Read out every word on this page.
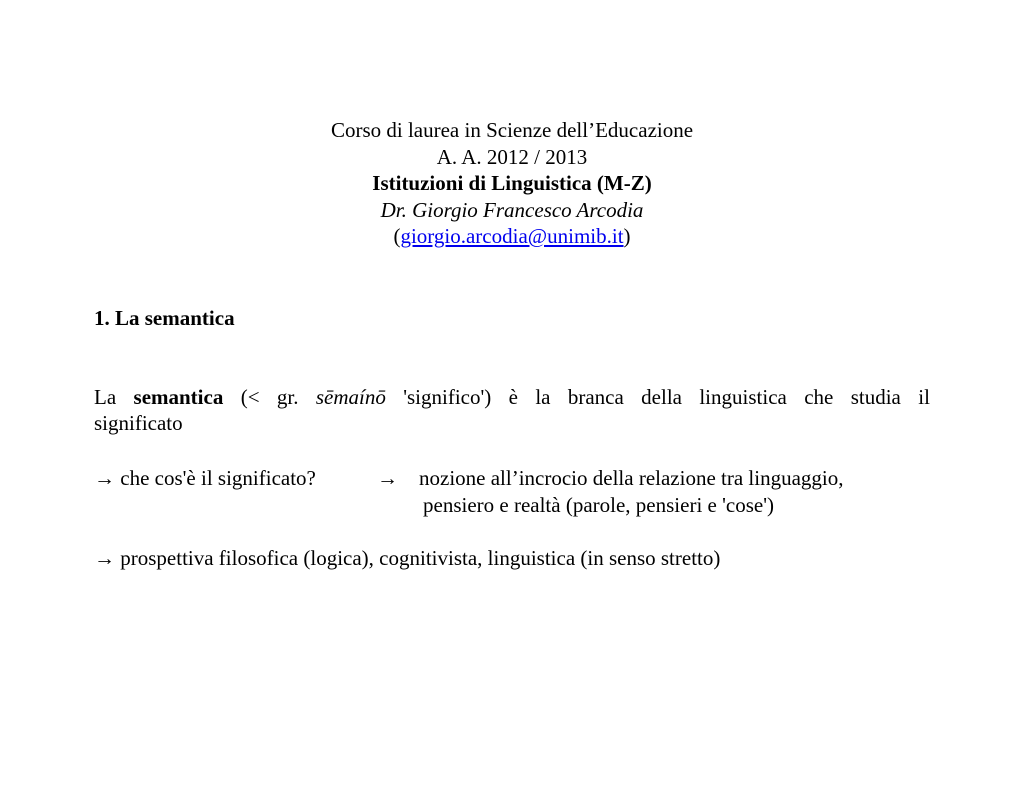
Corso di laurea in Scienze dell’Educazione
A. A. 2012 / 2013
Istituzioni di Linguistica (M-Z)
Dr. Giorgio Francesco Arcodia
(giorgio.arcodia@unimib.it)
1. La semantica
La semantica (< gr. sēmaínō 'significo') è la branca della linguistica che studia il
significato
→ che cos'è il significato?	→ nozione all’incrocio della relazione tra linguaggio,
pensiero e realtà (parole, pensieri e 'cose')
→ prospettiva filosofica (logica), cognitivista, linguistica (in senso stretto)
